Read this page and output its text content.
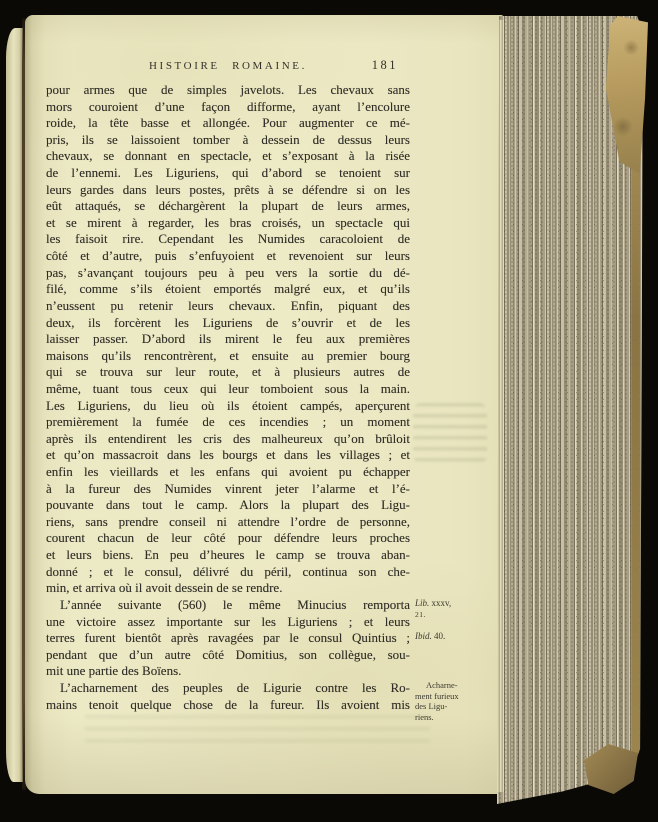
HISTOIRE ROMAINE.	181
pour armes que de simples javelots. Les chevaux sans
mors couroient d’une façon difforme, ayant l’encolure
roide, la tête basse et allongée. Pour augmenter ce mé-
pris, ils se laissoient tomber à dessein de dessus leurs
chevaux, se donnant en spectacle, et s’exposant à la risée
de l’ennemi. Les Liguriens, qui d’abord se tenoient sur
leurs gardes dans leurs postes, prêts à se défendre si on les
eût attaqués, se déchargèrent la plupart de leurs armes,
et se mirent à regarder, les bras croisés, un spectacle qui
les faisoit rire. Cependant les Numides caracoloient de
côté et d’autre, puis s’enfuyoient et revenoient sur leurs
pas, s’avançant toujours peu à peu vers la sortie du dé-
filé, comme s’ils étoient emportés malgré eux, et qu’ils
n’eussent pu retenir leurs chevaux. Enfin, piquant des
deux, ils forcèrent les Liguriens de s’ouvrir et de les
laisser passer. D’abord ils mirent le feu aux premières
maisons qu’ils rencontrèrent, et ensuite au premier bourg
qui se trouva sur leur route, et à plusieurs autres de
même, tuant tous ceux qui leur tomboient sous la main.
Les Liguriens, du lieu où ils étoient campés, aperçurent
premièrement la fumée de ces incendies ; un moment
après ils entendirent les cris des malheureux qu’on brûloit
et qu’on massacroit dans les bourgs et dans les villages ; et
enfin les vieillards et les enfans qui avoient pu échapper
à la fureur des Numides vinrent jeter l’alarme et l’é-
pouvante dans tout le camp. Alors la plupart des Ligu-
riens, sans prendre conseil ni attendre l’ordre de personne,
courent chacun de leur côté pour défendre leurs proches
et leurs biens. En peu d’heures le camp se trouva aban-
donné ; et le consul, délivré du péril, continua son che-
min, et arriva où il avoit dessein de se rendre.
L’année suivante (560) le même Minucius remporta
une victoire assez importante sur les Liguriens ; et leurs
terres furent bientôt après ravagées par le consul Quintius ;
pendant que d’un autre côté Domitius, son collègue, sou-
mit une partie des Boïens.
L’acharnement des peuples de Ligurie contre les Ro-
mains tenoit quelque chose de la fureur. Ils avoient mis
Lib. xxxv,
21.
Ibid. 40.
Acharne-
ment furieux
des Ligu-
riens.
